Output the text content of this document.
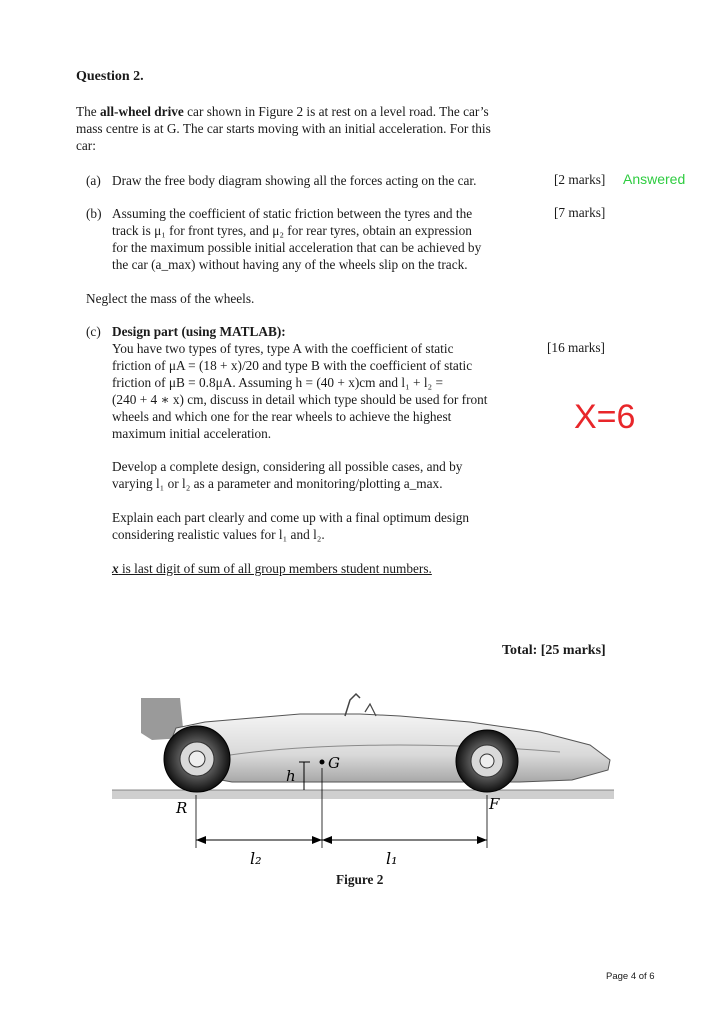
Question 2.
The all-wheel drive car shown in Figure 2 is at rest on a level road. The car’s
mass centre is at G. The car starts moving with an initial acceleration. For this
car:
(a) Draw the free body diagram showing all the forces acting on the car.	[2 marks] Answered
(b) Assuming the coefficient of static friction between the tyres and the
track is μ₁ for front tyres, and μ₂ for rear tyres, obtain an expression
for the maximum possible initial acceleration that can be achieved by
the car (a_max) without having any of the wheels slip on the track.
[7 marks]
Neglect the mass of the wheels.
(c) Design part (using MATLAB):
You have two types of tyres, type A with the coefficient of static
friction of μA = (18 + x)/20 and type B with the coefficient of static
friction of μB = 0.8μA. Assuming h = (40 + x)cm and l₁ + l₂ =
(240 + 4 ∗ x) cm, discuss in detail which type should be used for front
wheels and which one for the rear wheels to achieve the highest
maximum initial acceleration.
[16 marks]
X=6
Develop a complete design, considering all possible cases, and by
varying l₁ or l₂ as a parameter and monitoring/plotting a_max.
Explain each part clearly and come up with a final optimum design
considering realistic values for l₁ and l₂.
x is last digit of sum of all group members student numbers.
Total: [25 marks]
G
h
R	F
l₂	l₁
Figure 2
Page 4 of 6
